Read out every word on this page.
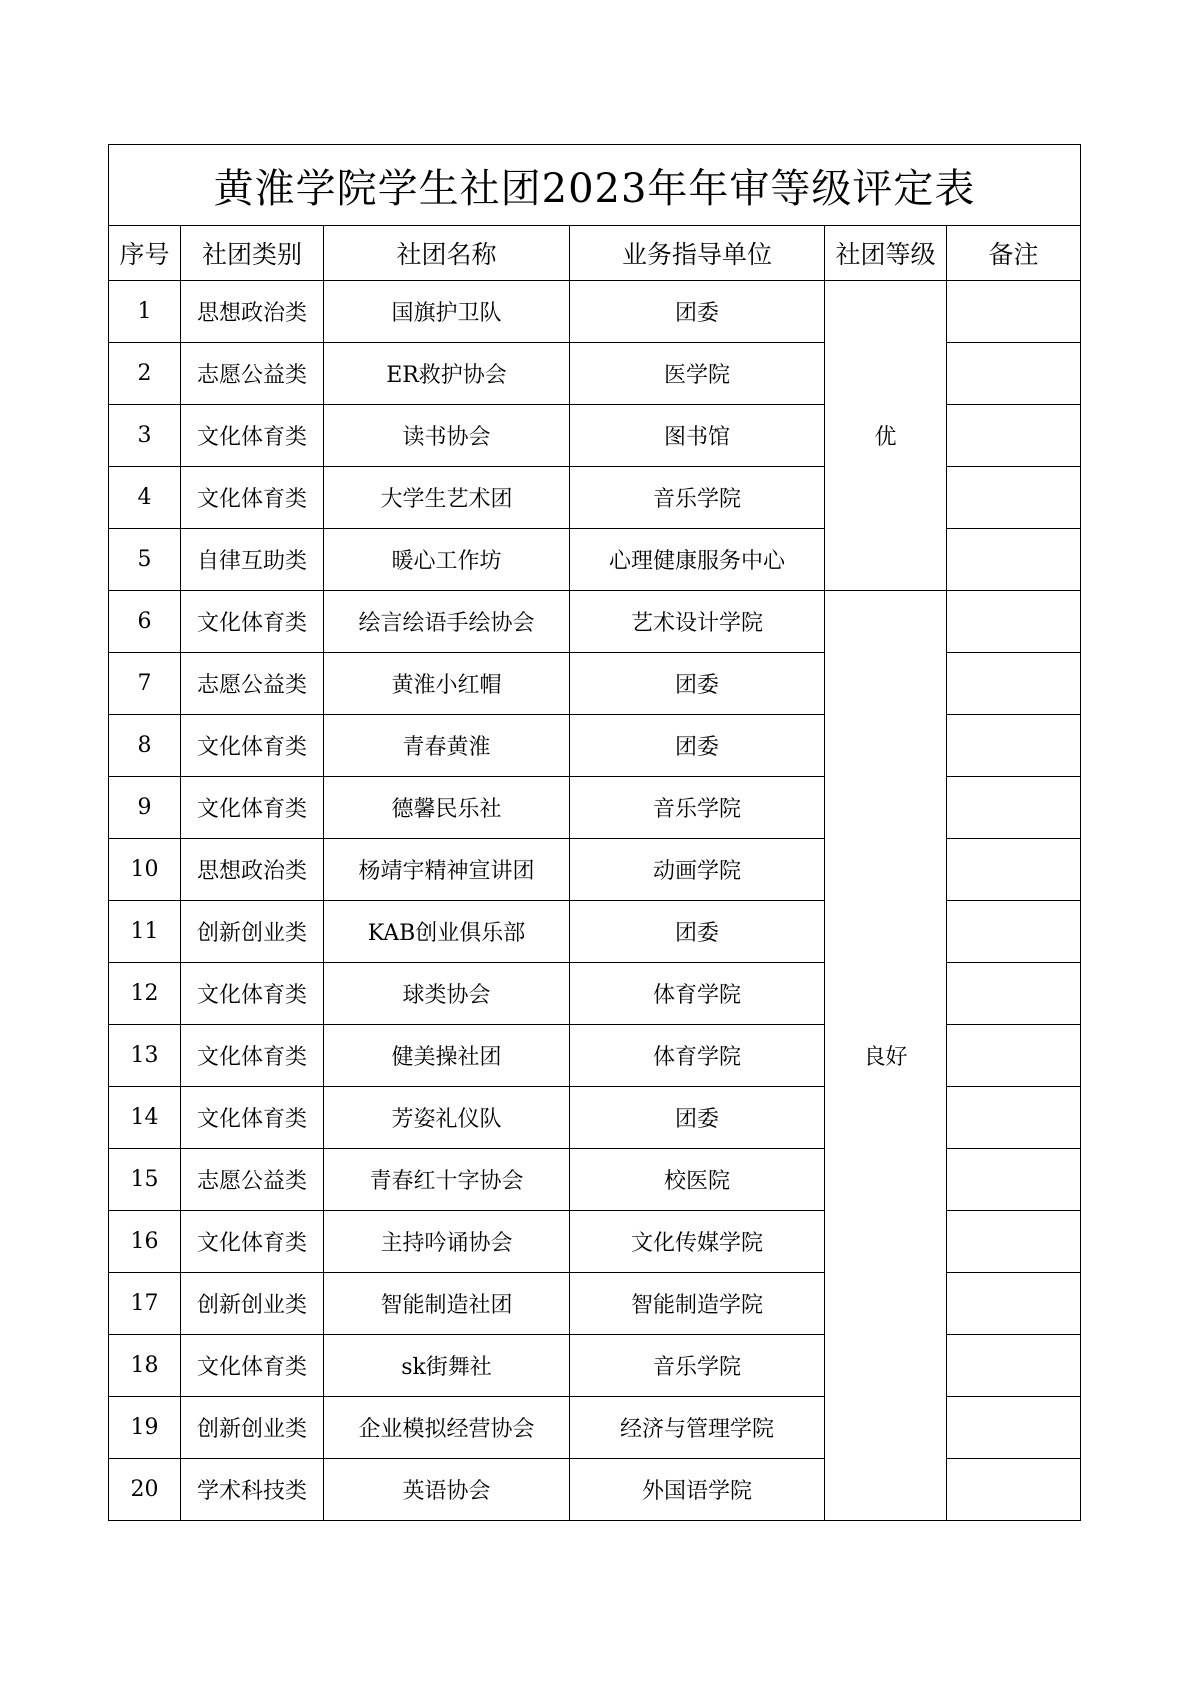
黄淮学院学生社团2023年年审等级评定表					
序号	社团类别	社团名称	业务指导单位	社团等级	备注
1	思想政治类	国旗护卫队	团委	优	
2	志愿公益类	ER救护协会	医学院		
3	文化体育类	读书协会	图书馆		
4	文化体育类	大学生艺术团	音乐学院		
5	自律互助类	暖心工作坊	心理健康服务中心		
6	文化体育类	绘言绘语手绘协会	艺术设计学院	良好	
7	志愿公益类	黄淮小红帽	团委		
8	文化体育类	青春黄淮	团委		
9	文化体育类	德馨民乐社	音乐学院		
10	思想政治类	杨靖宇精神宣讲团	动画学院		
11	创新创业类	KAB创业俱乐部	团委		
12	文化体育类	球类协会	体育学院		
13	文化体育类	健美操社团	体育学院		
14	文化体育类	芳姿礼仪队	团委		
15	志愿公益类	青春红十字协会	校医院		
16	文化体育类	主持吟诵协会	文化传媒学院		
17	创新创业类	智能制造社团	智能制造学院		
18	文化体育类	sk街舞社	音乐学院		
19	创新创业类	企业模拟经营协会	经济与管理学院		
20	学术科技类	英语协会	外国语学院		
